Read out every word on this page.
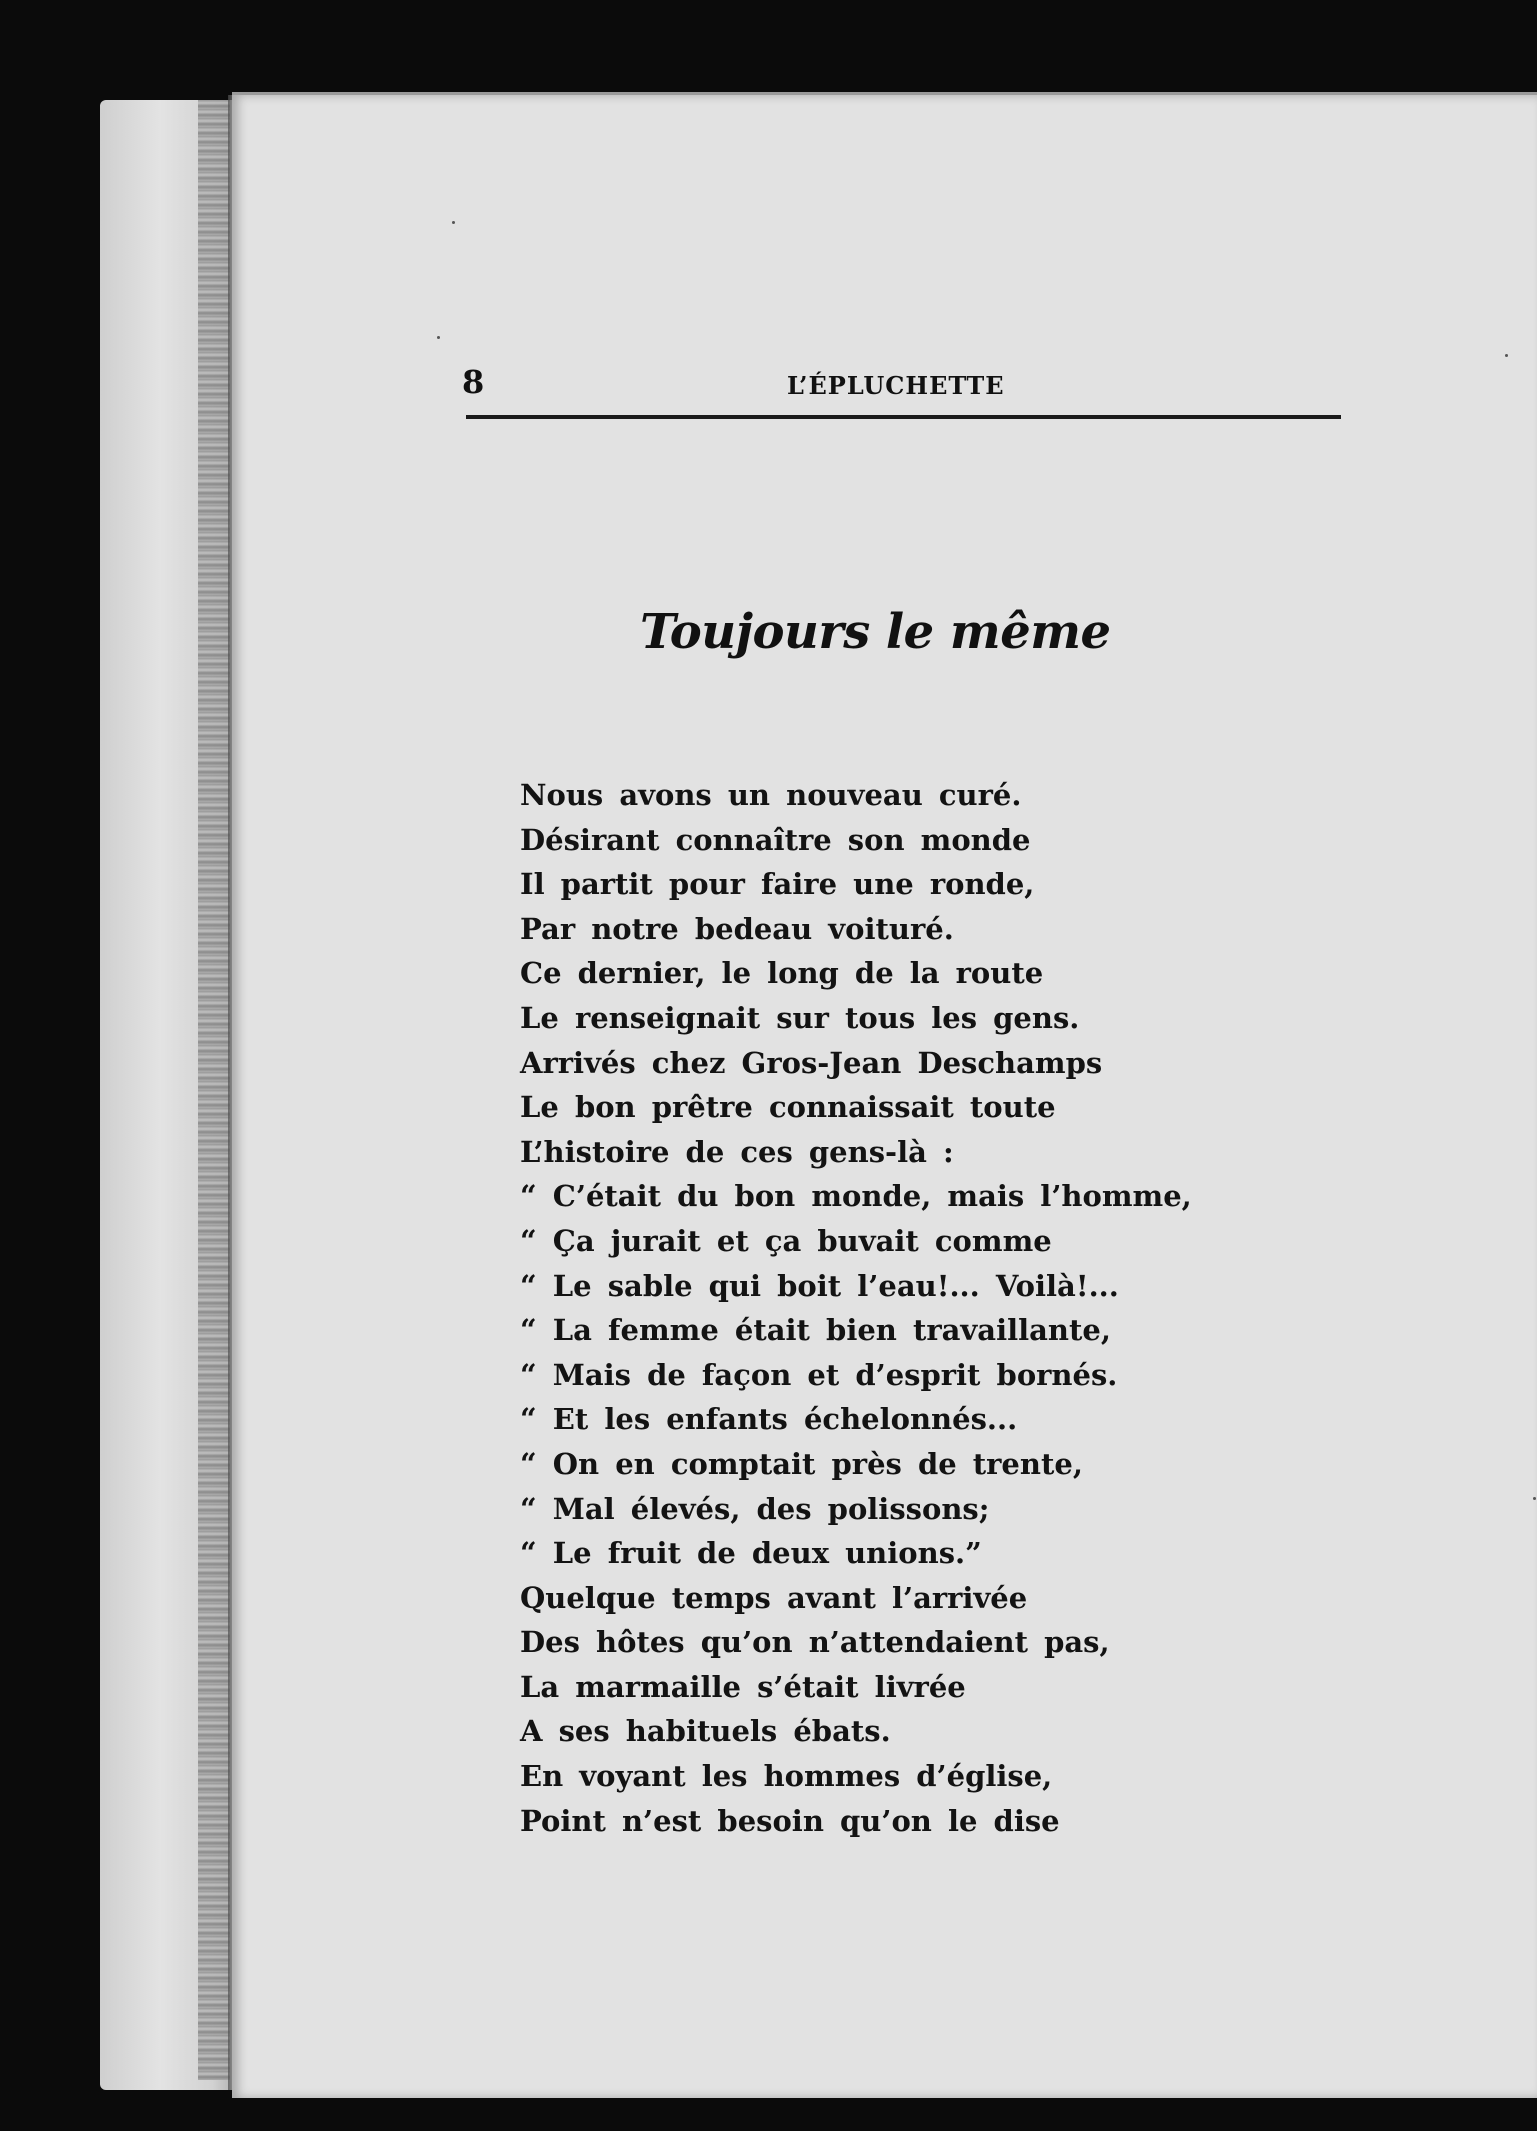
8	L’ÉPLUCHETTE
Toujours le même
Nous avons un nouveau curé.
Désirant connaître son monde
Il partit pour faire une ronde,
Par notre bedeau voituré.
Ce dernier, le long de la route
Le renseignait sur tous les gens.
Arrivés chez Gros-Jean Deschamps
Le bon prêtre connaissait toute
L’histoire de ces gens-là :
“ C’était du bon monde, mais l’homme,
“ Ça jurait et ça buvait comme
“ Le sable qui boit l’eau!... Voilà!...
“ La femme était bien travaillante,
“ Mais de façon et d’esprit bornés.
“ Et les enfants échelonnés...
“ On en comptait près de trente,
“ Mal élevés, des polissons;
“ Le fruit de deux unions.”
Quelque temps avant l’arrivée
Des hôtes qu’on n’attendaient pas,
La marmaille s’était livrée
A ses habituels ébats.
En voyant les hommes d’église,
Point n’est besoin qu’on le dise
